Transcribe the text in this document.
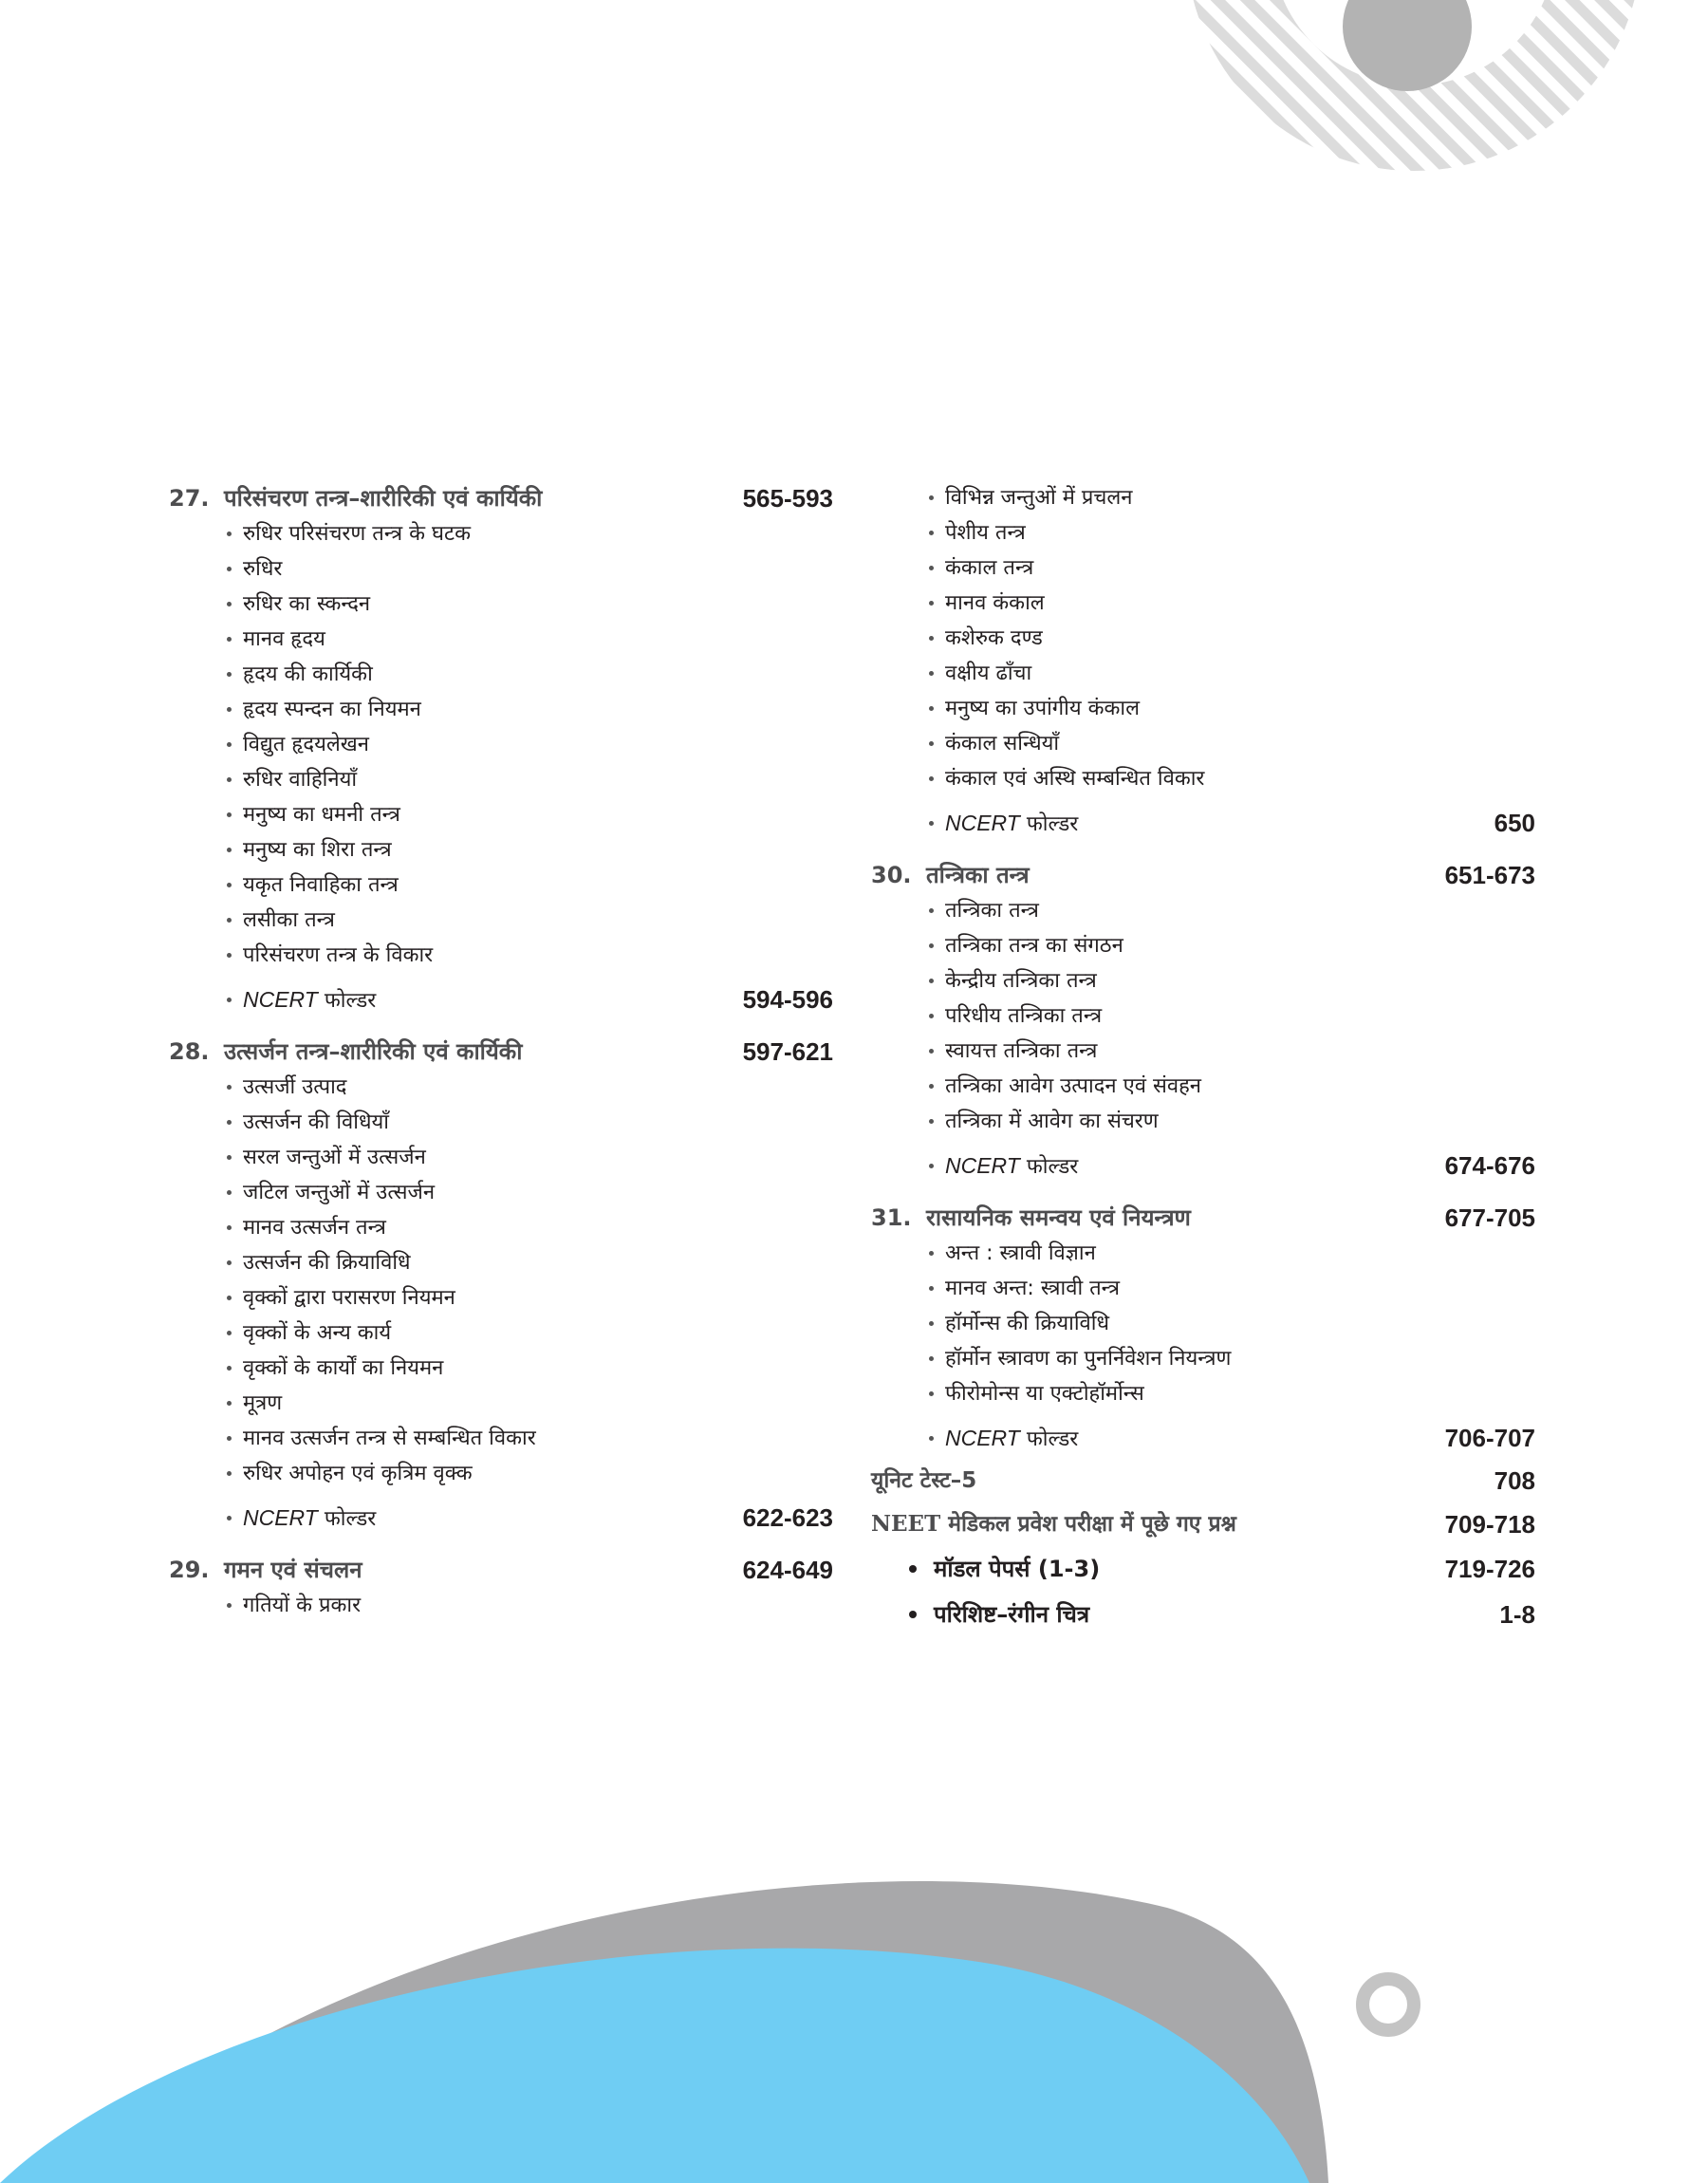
27. परिसंचरण तन्त्र–शारीरिकी एवं कार्यिकी	565-593
रुधिर परिसंचरण तन्त्र के घटक
रुधिर
रुधिर का स्कन्दन
मानव हृदय
हृदय की कार्यिकी
हृदय स्पन्दन का नियमन
विद्युत हृदयलेखन
रुधिर वाहिनियाँ
मनुष्य का धमनी तन्त्र
मनुष्य का शिरा तन्त्र
यकृत निवाहिका तन्त्र
लसीका तन्त्र
परिसंचरण तन्त्र के विकार
NCERT फोल्डर	594-596
28. उत्सर्जन तन्त्र–शारीरिकी एवं कार्यिकी	597-621
उत्सर्जी उत्पाद
उत्सर्जन की विधियाँ
सरल जन्तुओं में उत्सर्जन
जटिल जन्तुओं में उत्सर्जन
मानव उत्सर्जन तन्त्र
उत्सर्जन की क्रियाविधि
वृक्कों द्वारा परासरण नियमन
वृक्कों के अन्य कार्य
वृक्कों के कार्यों का नियमन
मूत्रण
मानव उत्सर्जन तन्त्र से सम्बन्धित विकार
रुधिर अपोहन एवं कृत्रिम वृक्क
NCERT फोल्डर	622-623
29. गमन एवं संचलन	624-649
गतियों के प्रकार
विभिन्न जन्तुओं में प्रचलन
पेशीय तन्त्र
कंकाल तन्त्र
मानव कंकाल
कशेरुक दण्ड
वक्षीय ढाँचा
मनुष्य का उपांगीय कंकाल
कंकाल सन्धियाँ
कंकाल एवं अस्थि सम्बन्धित विकार
NCERT फोल्डर	650
30. तन्त्रिका तन्त्र	651-673
तन्त्रिका तन्त्र
तन्त्रिका तन्त्र का संगठन
केन्द्रीय तन्त्रिका तन्त्र
परिधीय तन्त्रिका तन्त्र
स्वायत्त तन्त्रिका तन्त्र
तन्त्रिका आवेग उत्पादन एवं संवहन
तन्त्रिका में आवेग का संचरण
NCERT फोल्डर	674-676
31. रासायनिक समन्वय एवं नियन्त्रण	677-705
अन्त : स्त्रावी विज्ञान
मानव अन्त: स्त्रावी तन्त्र
हॉर्मोन्स की क्रियाविधि
हॉर्मोन स्त्रावण का पुनर्निवेशन नियन्त्रण
फीरोमोन्स या एक्टोहॉर्मोन्स
NCERT फोल्डर	706-707
यूनिट टेस्ट–5	708
NEET मेडिकल प्रवेश परीक्षा में पूछे गए प्रश्न	709-718
मॉडल पेपर्स (1-3)	719-726
परिशिष्ट–रंगीन चित्र	1-8
